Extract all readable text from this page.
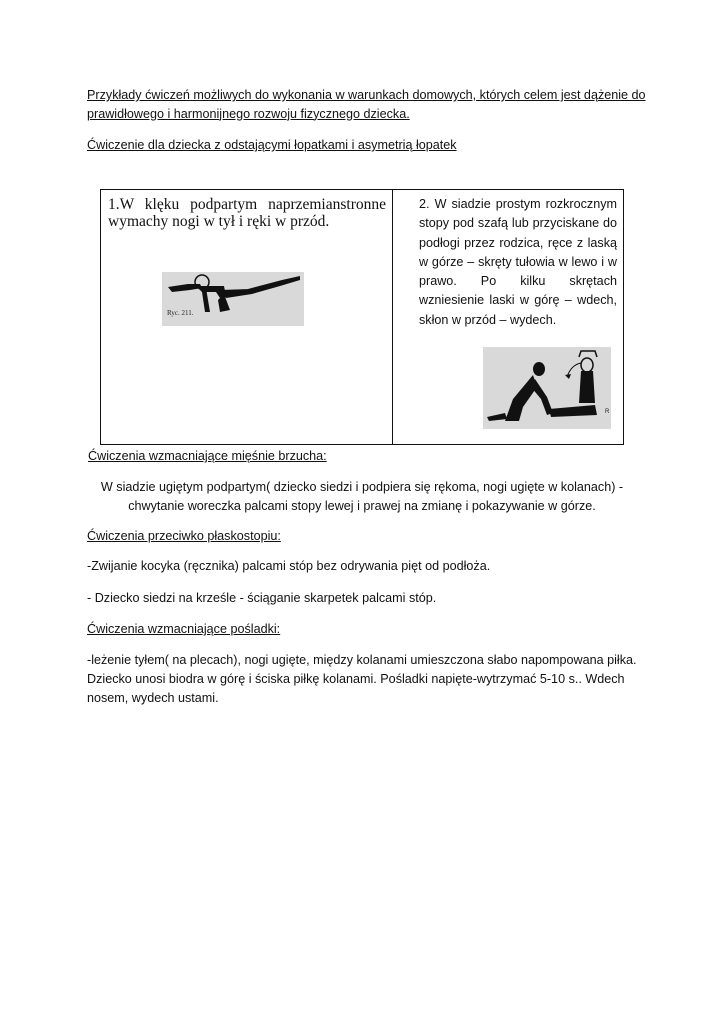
Przykłady ćwiczeń możliwych do wykonania w warunkach domowych, których celem jest dążenie do prawidłowego i harmonijnego rozwoju fizycznego dziecka.
Ćwiczenie dla dziecka z odstającymi łopatkami i asymetrią łopatek
1.W klęku podpartym naprzemianstronne wymachy nogi w tył i ręki w przód.
Ryc. 211.
2. W siadzie prostym rozkrocznym stopy pod szafą lub przyciskane do podłogi przez rodzica, ręce z laską w górze – skręty tułowia w lewo i w prawo. Po kilku skrętach wzniesienie laski w górę – wdech, skłon w przód – wydech.
R
Ćwiczenia wzmacniające mięśnie brzucha:
W siadzie ugiętym podpartym( dziecko siedzi i podpiera się rękoma, nogi ugięte w kolanach) - chwytanie woreczka palcami stopy lewej i prawej na zmianę i pokazywanie w górze.
Ćwiczenia przeciwko płaskostopiu:
-Zwijanie kocyka (ręcznika) palcami stóp bez odrywania pięt od podłoża.
- Dziecko siedzi na krześle - ściąganie skarpetek palcami stóp.
Ćwiczenia wzmacniające pośladki:
-leżenie tyłem( na plecach), nogi ugięte, między kolanami umieszczona słabo napompowana piłka. Dziecko unosi biodra w górę i ściska piłkę kolanami. Pośladki napięte-wytrzymać 5-10 s.. Wdech nosem, wydech ustami.
